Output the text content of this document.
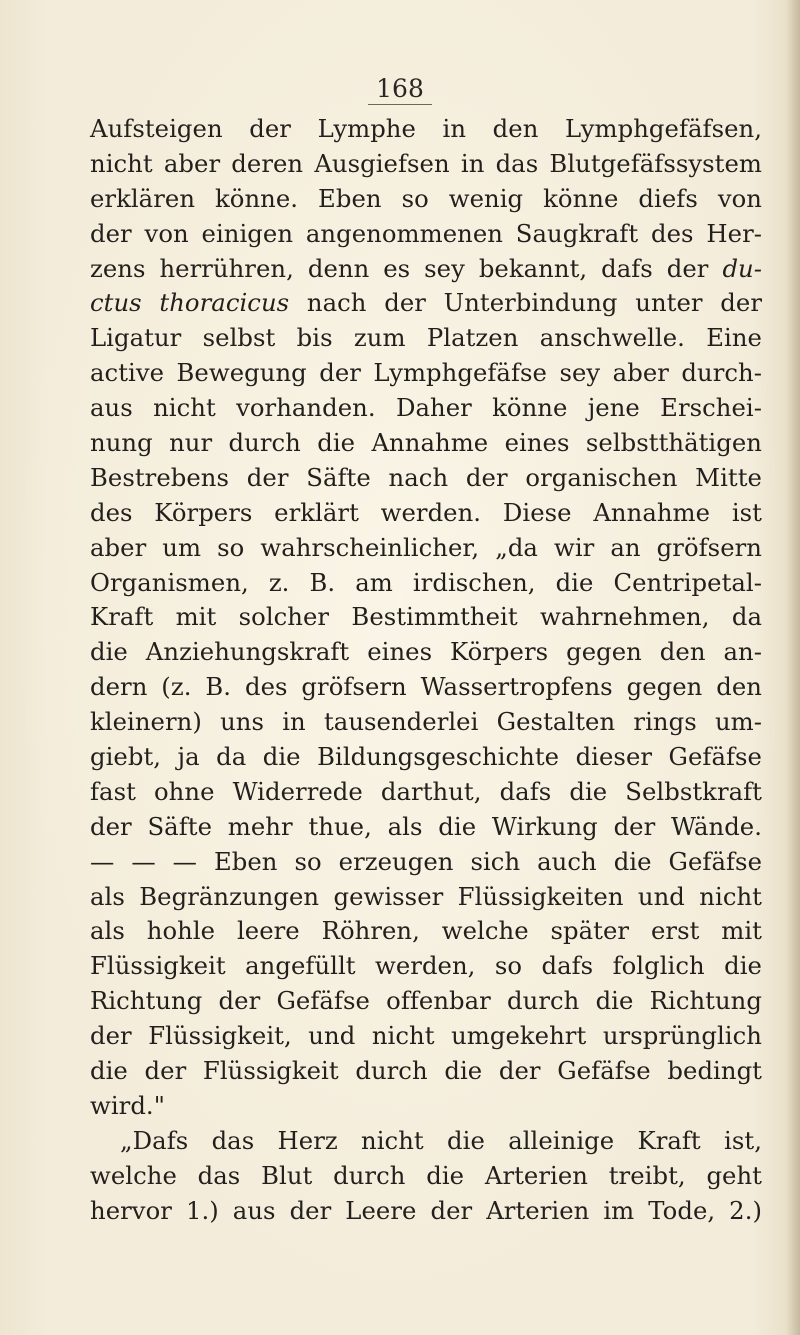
168
Aufsteigen der Lymphe in den Lymphgefäfsen,
nicht aber deren Ausgiefsen in das Blutgefäfssystem
erklären könne. Eben so wenig könne diefs von
der von einigen angenommenen Saugkraft des Her-
zens herrühren, denn es sey bekannt, dafs der du-
ctus thoracicus nach der Unterbindung unter der
Ligatur selbst bis zum Platzen anschwelle. Eine
active Bewegung der Lymphgefäfse sey aber durch-
aus nicht vorhanden. Daher könne jene Erschei-
nung nur durch die Annahme eines selbstthätigen
Bestrebens der Säfte nach der organischen Mitte
des Körpers erklärt werden. Diese Annahme ist
aber um so wahrscheinlicher, „da wir an gröfsern
Organismen, z. B. am irdischen, die Centripetal-
Kraft mit solcher Bestimmtheit wahrnehmen, da
die Anziehungskraft eines Körpers gegen den an-
dern (z. B. des gröfsern Wassertropfens gegen den
kleinern) uns in tausenderlei Gestalten rings um-
giebt, ja da die Bildungsgeschichte dieser Gefäfse
fast ohne Widerrede darthut, dafs die Selbstkraft
der Säfte mehr thue, als die Wirkung der Wände.
— — — Eben so erzeugen sich auch die Gefäfse
als Begränzungen gewisser Flüssigkeiten und nicht
als hohle leere Röhren, welche später erst mit
Flüssigkeit angefüllt werden, so dafs folglich die
Richtung der Gefäfse offenbar durch die Richtung
der Flüssigkeit, und nicht umgekehrt ursprünglich
die der Flüssigkeit durch die der Gefäfse bedingt
wird."
„Dafs das Herz nicht die alleinige Kraft ist,
welche das Blut durch die Arterien treibt, geht
hervor 1.) aus der Leere der Arterien im Tode, 2.)
